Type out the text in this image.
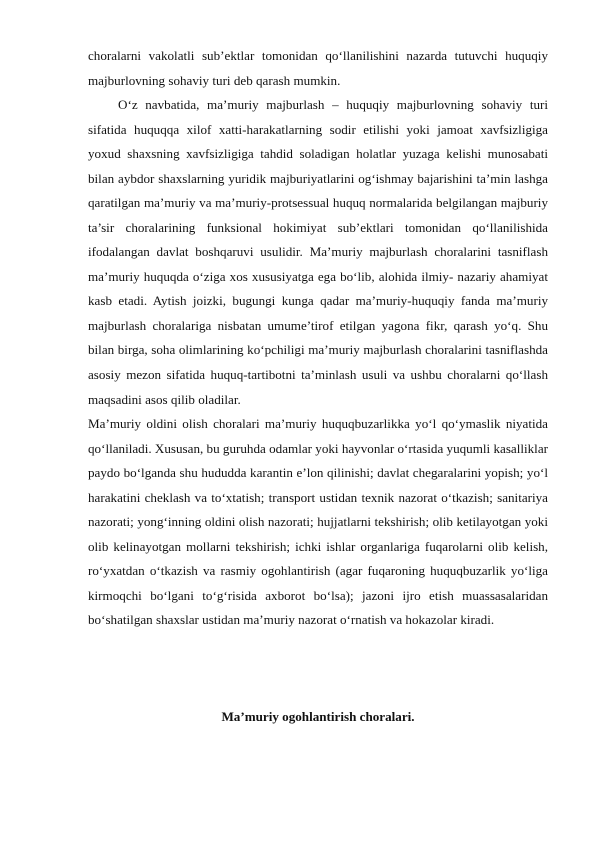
choralarni vakolatli sub’ektlar tomonidan qo‘llanilishini nazarda tutuvchi huquqiy majburlovning sohaviy turi deb qarash mumkin.

O‘z navbatida, ma’muriy majburlash – huquqiy majburlovning sohaviy turi sifatida huquqqa xilof xatti-harakatlarning sodir etilishi yoki jamoat xavfsizligiga yoxud shaxsning xavfsizligiga tahdid soladigan holatlar yuzaga kelishi munosabati bilan aybdor shaxslarning yuridik majburiyatlarini og‘ishmay bajarishini ta’min lashga qaratilgan ma’muriy va ma’muriy-protsessual huquq normalarida belgilangan majburiy ta’sir choralarining funksional hokimiyat sub’ektlari tomonidan qo‘llanilishida ifodalangan davlat boshqaruvi usulidir. Ma’muriy majburlash choralarini tasniflash ma’muriy huquqda o‘ziga xos xususiyatga ega bo‘lib, alohida ilmiy- nazariy ahamiyat kasb etadi. Aytish joizki, bugungi kunga qadar ma’muriy-huquqiy fanda ma’muriy majburlash choralariga nisbatan umume’tirof etilgan yagona fikr, qarash yo‘q. Shu bilan birga, soha olimlarining ko‘pchiligi ma’muriy majburlash choralarini tasniflashda asosiy mezon sifatida huquq-tartibotni ta’minlash usuli va ushbu choralarni qo‘llash maqsadini asos qilib oladilar.

Ma’muriy oldini olish choralari ma’muriy huquqbuzarlikka yo‘l qo‘ymaslik niyatida qo‘llaniladi. Xususan, bu guruhda odamlar yoki hayvonlar o‘rtasida yuqumli kasalliklar paydo bo‘lganda shu hududda karantin e’lon qilinishi; davlat chegaralarini yopish; yo‘l harakatini cheklash va to‘xtatish; transport ustidan texnik nazorat o‘tkazish; sanitariya nazorati; yong‘inning oldini olish nazorati; hujjatlarni tekshirish; olib ketilayotgan yoki olib kelinayotgan mollarni tekshirish; ichki ishlar organlariga fuqarolarni olib kelish, ro‘yxatdan o‘tkazish va rasmiy ogohlantirish (agar fuqaroning huquqbuzarlik yo‘liga kirmoqchi bo‘lgani to‘g‘risida axborot bo‘lsa); jazoni ijro etish muassasalaridan bo‘shatilgan shaxslar ustidan ma’muriy nazorat o‘rnatish va hokazolar kiradi.

Ma’muriy ogohlantirish choralari.
